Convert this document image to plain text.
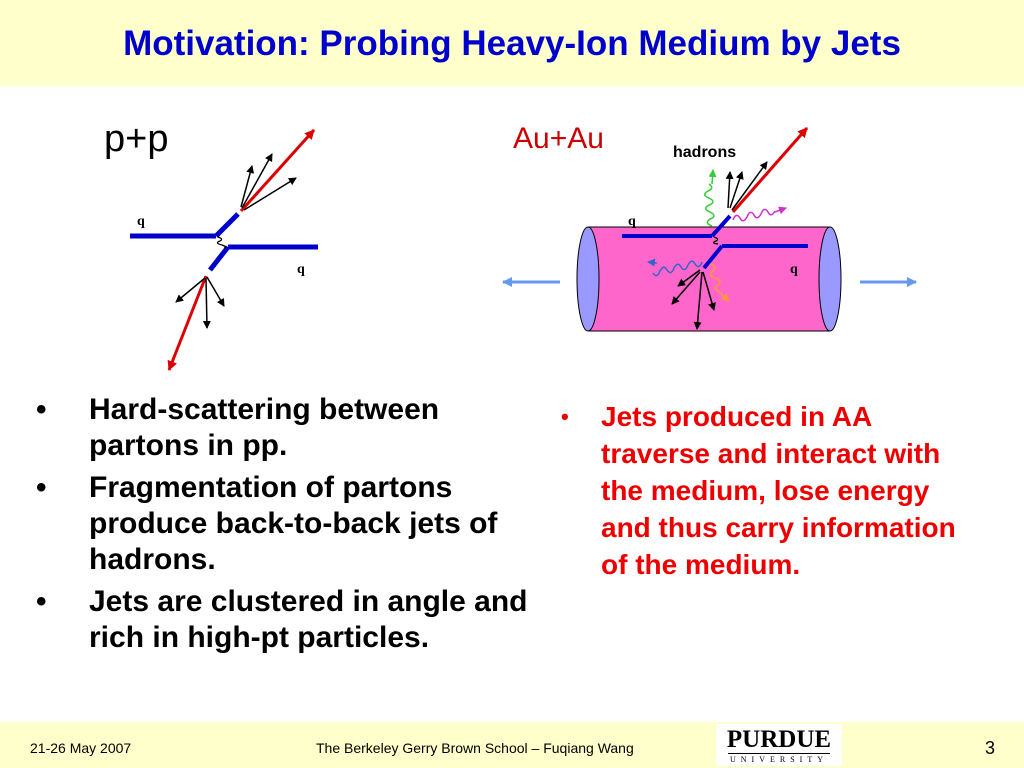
Motivation: Probing Heavy-Ion Medium by Jets
p+p	Au+Au	hadrons
q
q
q
q
• Hard-scattering between partons in pp.
• Fragmentation of partons produce back-to-back jets of hadrons.
• Jets are clustered in angle and rich in high-pt particles.
• Jets produced in AA traverse and interact with the medium, lose energy and thus carry information of the medium.
21-26 May 2007	The Berkeley Gerry Brown School – Fuqiang Wang	PURDUE
UNIVERSITY
3
